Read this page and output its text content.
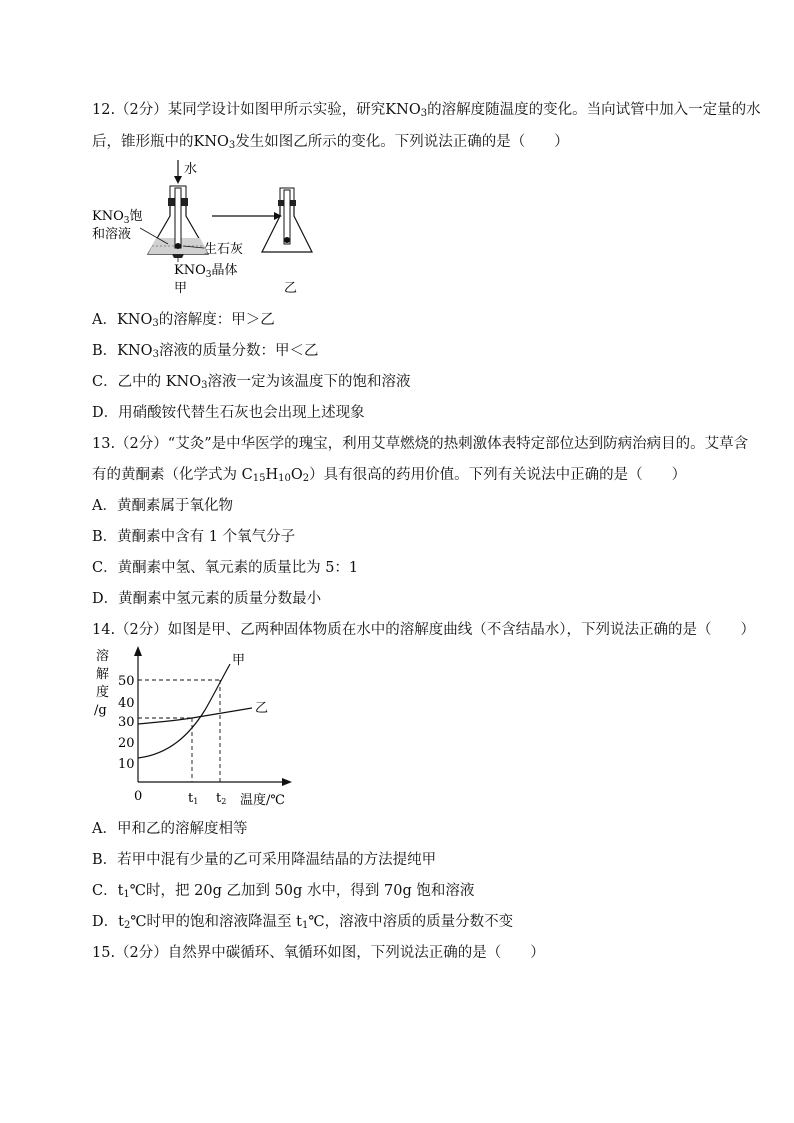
12.（2分）某同学设计如图甲所示实验，研究$KNO_3$的溶解度随温度的变化。当向试管中加入一定量的水
后，锥形瓶中的$KNO_3$发生如图乙所示的变化。下列说法正确的是（　　）
水
$KNO_3$饱
和溶液
生石灰
$KNO_3$晶体
甲	乙
A．$KNO_3$的溶解度：甲＞乙
B．$KNO_3$溶液的质量分数：甲＜乙
C．乙中的 $KNO_3$溶液一定为该温度下的饱和溶液
D．用硝酸铵代替生石灰也会出现上述现象
13.（2分）“艾灸”是中华医学的瑰宝，利用艾草燃烧的热刺激体表特定部位达到防病治病目的。艾草含
有的黄酮素（化学式为 $C_{15}H_{10}O_2$）具有很高的药用价值。下列有关说法中正确的是（　　）
A．黄酮素属于氧化物
B．黄酮素中含有 1 个氧气分子
C．黄酮素中氢、氧元素的质量比为 5：1
D．黄酮素中氢元素的质量分数最小
14.（2分）如图是甲、乙两种固体物质在水中的溶解度曲线（不含结晶水），下列说法正确的是（　　）
溶
解
度
/g
50
40
30
20
10
0
甲
乙
t1 t2 温度/℃
A．甲和乙的溶解度相等
B．若甲中混有少量的乙可采用降温结晶的方法提纯甲
C．$t_1℃$时，把 20g 乙加到 50g 水中，得到 70g 饱和溶液
D．$t_2℃$时甲的饱和溶液降温至 $t_1℃$，溶液中溶质的质量分数不变
15.（2分）自然界中碳循环、氧循环如图，下列说法正确的是（　　）
